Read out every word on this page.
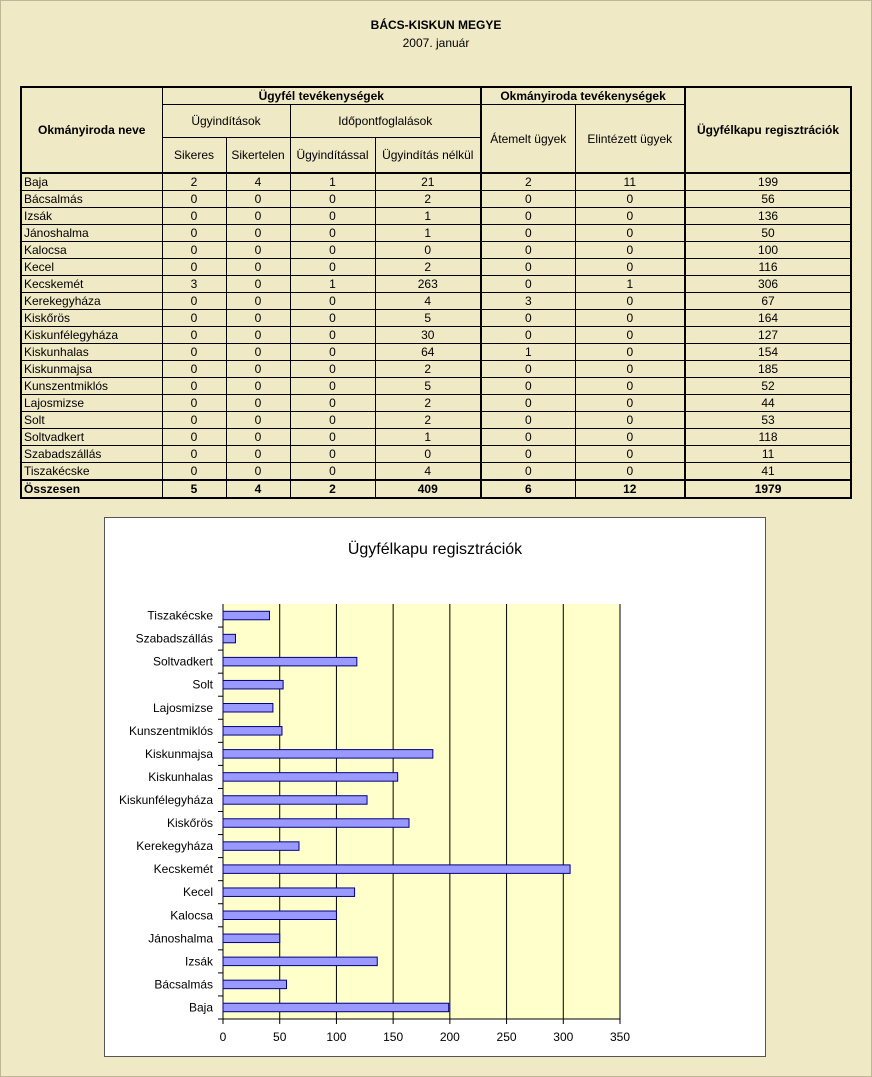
BÁCS-KISKUN MEGYE
2007. január
Okmányiroda neve	Ügyfél tevékenységek				Okmányiroda tevékenységek		Ügyfélkapu regisztrációk
	Ügyindítások		Időpontfoglalások		Átemelt ügyek	Elintézett ügyek	
	Sikeres	Sikertelen	Ügyindítással	Ügyindítás nélkül			
Baja	2	4	1	21	2	11	199
Bácsalmás	0	0	0	2	0	0	56
Izsák	0	0	0	1	0	0	136
Jánoshalma	0	0	0	1	0	0	50
Kalocsa	0	0	0	0	0	0	100
Kecel	0	0	0	2	0	0	116
Kecskemét	3	0	1	263	0	1	306
Kerekegyháza	0	0	0	4	3	0	67
Kiskőrös	0	0	0	5	0	0	164
Kiskunfélegyháza	0	0	0	30	0	0	127
Kiskunhalas	0	0	0	64	1	0	154
Kiskunmajsa	0	0	0	2	0	0	185
Kunszentmiklós	0	0	0	5	0	0	52
Lajosmizse	0	0	0	2	0	0	44
Solt	0	0	0	2	0	0	53
Soltvadkert	0	0	0	1	0	0	118
Szabadszállás	0	0	0	0	0	0	11
Tiszakécske	0	0	0	4	0	0	41
Összesen	5	4	2	409	6	12	1979
Ügyfélkapu regisztrációk
0	50	100	150	200	250	300	350
Baja
Bácsalmás
Izsák
Jánoshalma
Kalocsa
Kecel
Kecskemét
Kerekegyháza
Kiskőrös
Kiskunfélegyháza
Kiskunhalas
Kiskunmajsa
Kunszentmiklós
Lajosmizse
Solt
Soltvadkert
Szabadszállás
Tiszakécske
